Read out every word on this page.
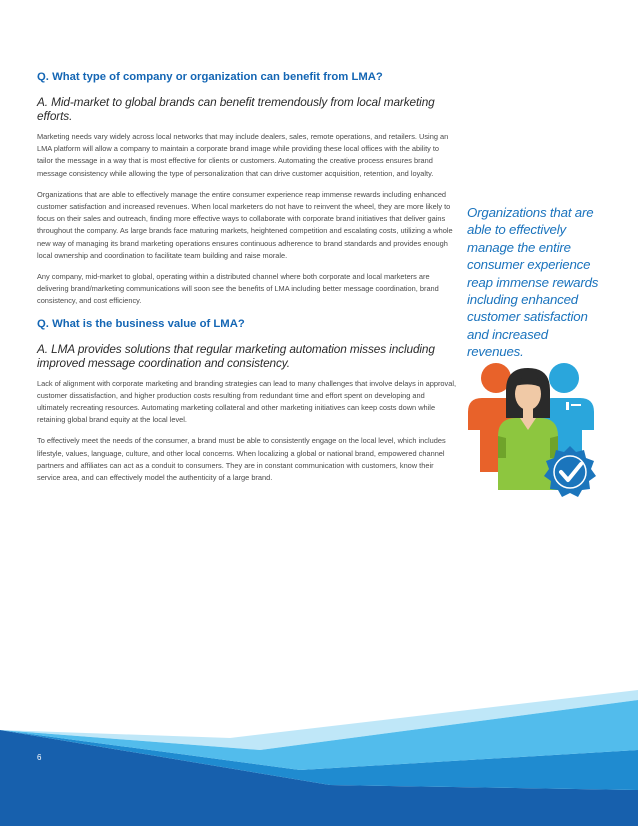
Q. What type of company or organization can benefit from LMA?
A. Mid-market to global brands can benefit tremendously from local marketing efforts.

Marketing needs vary widely across local networks that may include dealers, sales, remote operations, and retailers. Using an LMA platform will allow a company to maintain a corporate brand image while providing these local offices with the ability to tailor the message in a way that is most effective for clients or customers. Automating the creative process ensures brand message consistency while allowing the type of personalization that can drive customer acquisition, retention, and loyalty.

Organizations that are able to effectively manage the entire consumer experience reap immense rewards including enhanced customer satisfaction and increased revenues. When local marketers do not have to reinvent the wheel, they are more likely to focus on their sales and outreach, finding more effective ways to collaborate with corporate brand initiatives that deliver gains throughout the company. As large brands face maturing markets, heightened competition and escalating costs, utilizing a whole new way of managing its brand marketing operations ensures continuous adherence to brand standards and provides enough local ownership and coordination to facilitate team building and raise morale.

Any company, mid-market to global, operating within a distributed channel where both corporate and local marketers are delivering brand/marketing communications will soon see the benefits of LMA including better message coordination, brand consistency, and cost efficiency.

Q. What is the business value of LMA?
A. LMA provides solutions that regular marketing automation misses including improved message coordination and consistency.

Lack of alignment with corporate marketing and branding strategies can lead to many challenges that involve delays in approval, customer dissatisfaction, and higher production costs resulting from redundant time and effort spent on developing and ultimately recreating resources. Automating marketing collateral and other marketing initiatives can keep costs down while retaining global brand equity at the local level.

To effectively meet the needs of the consumer, a brand must be able to consistently engage on the local level, which includes lifestyle, values, language, culture, and other local concerns. When localizing a global or national brand, empowered channel partners and affiliates can act as a conduit to consumers. They are in constant communication with customers, know their service area, and can effectively model the authenticity of a large brand.

Organizations that are able to effectively manage the entire consumer experience reap immense rewards including enhanced customer satisfaction and increased revenues.
6
